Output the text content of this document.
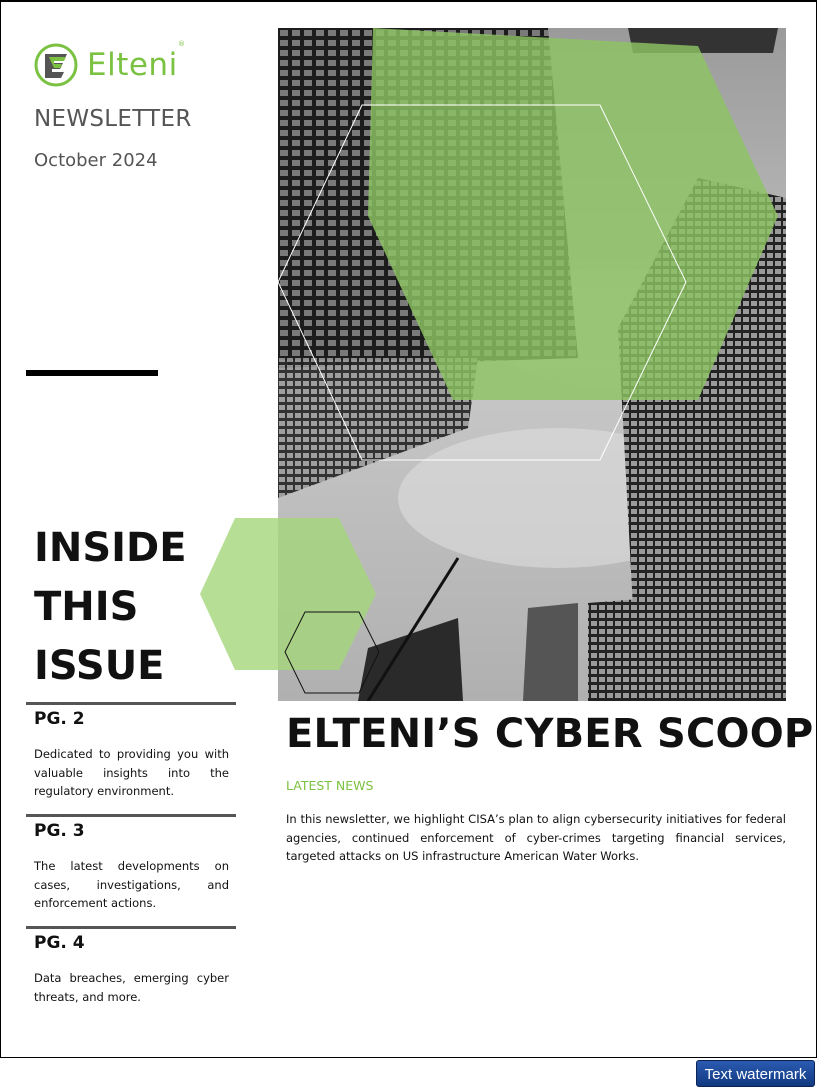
Elteni
®
NEWSLETTER
October 2024
INSIDE
THIS
ISSUE
PG. 2
Dedicated to providing you with valuable insights into the regulatory environment.
PG. 3
The latest developments on cases, investigations, and enforcement actions.
PG. 4
Data breaches, emerging cyber threats, and more.
ELTENI’S CYBER SCOOP
LATEST NEWS
In this newsletter, we highlight CISA’s plan to align cybersecurity initiatives for federal agencies, continued enforcement of cyber-crimes targeting financial services, targeted attacks on US infrastructure American Water Works.
Text watermark
